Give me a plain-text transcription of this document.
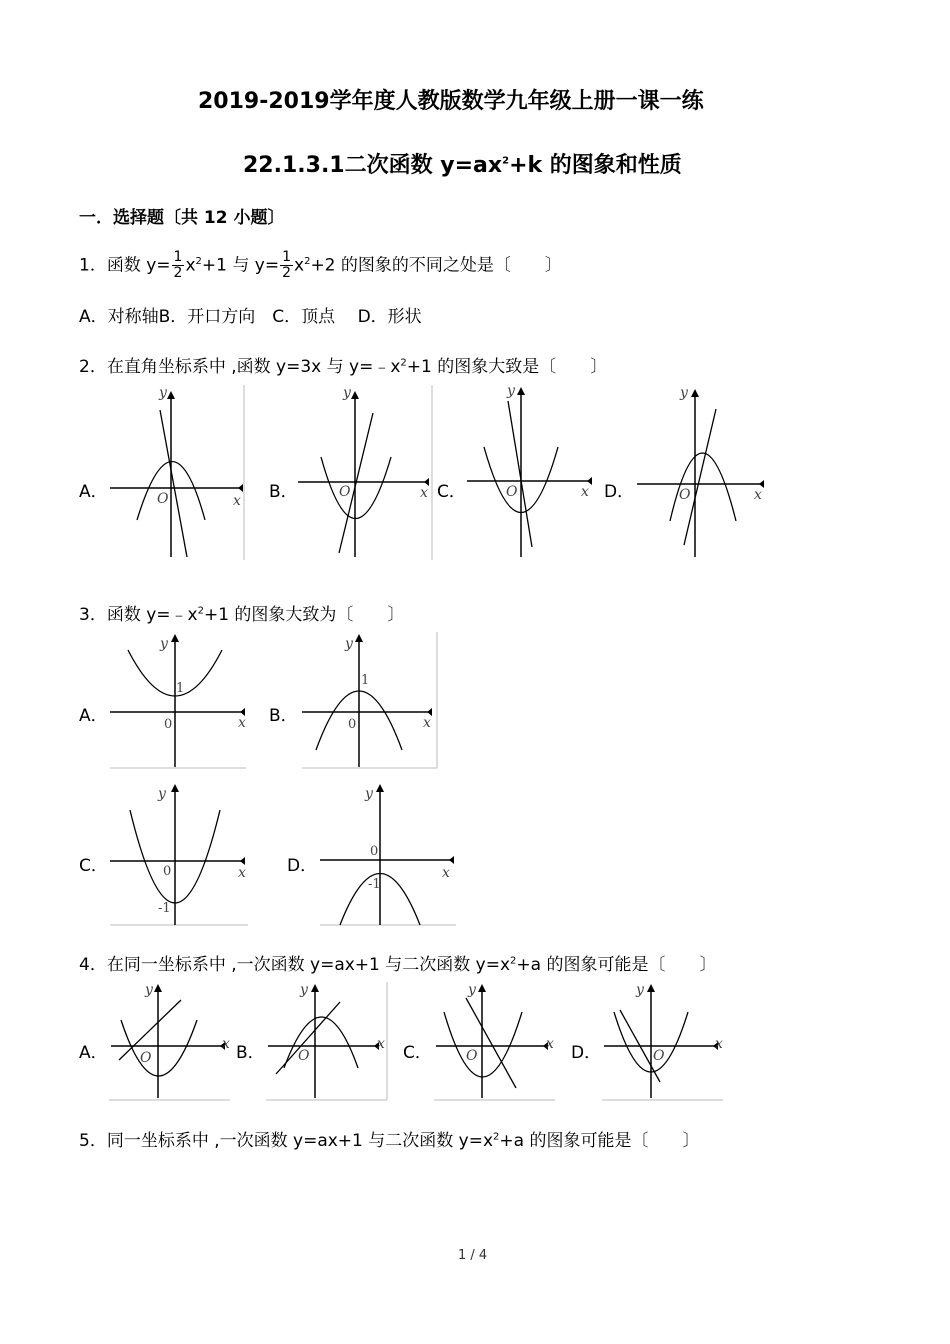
2019-2019学年度人教版数学九年级上册一课一练
22.1.3.1二次函数 $y=ax^2+k$ 的图象和性质
一．选择题〔共 12 小题〕
1．函数 $y= \frac{1}{2} x^2+1$ 与 $y= \frac{1}{2} x^2+2$ 的图象的不同之处是〔　　〕
A．对称轴B．开口方向　C．顶点　 D．形状
2．在直角坐标系中 ,函数 y=3x 与 $y=﹣x^2+1$ 的图象大致是〔　　〕
A．	B．	C．	D．
y
O	x
y
O	x
y
O	x
y
O	x
3．函数 $y=﹣x^2+1$ 的图象大致为〔　　〕
A．	B．
y
1
0	x
y
1
0	x
C．	D．
y
0
-1
x
y
0
-1
x
4．在同一坐标系中 ,一次函数 y=ax+1 与二次函数 $y=x^2+a$ 的图象可能是〔　　〕
A．	B．	C．	D．
y
O
x
y
O
x
y
O
x
y
O
x
5．同一坐标系中 ,一次函数 y=ax+1 与二次函数 $y=x^2+a$ 的图象可能是〔　　〕
1 / 4
